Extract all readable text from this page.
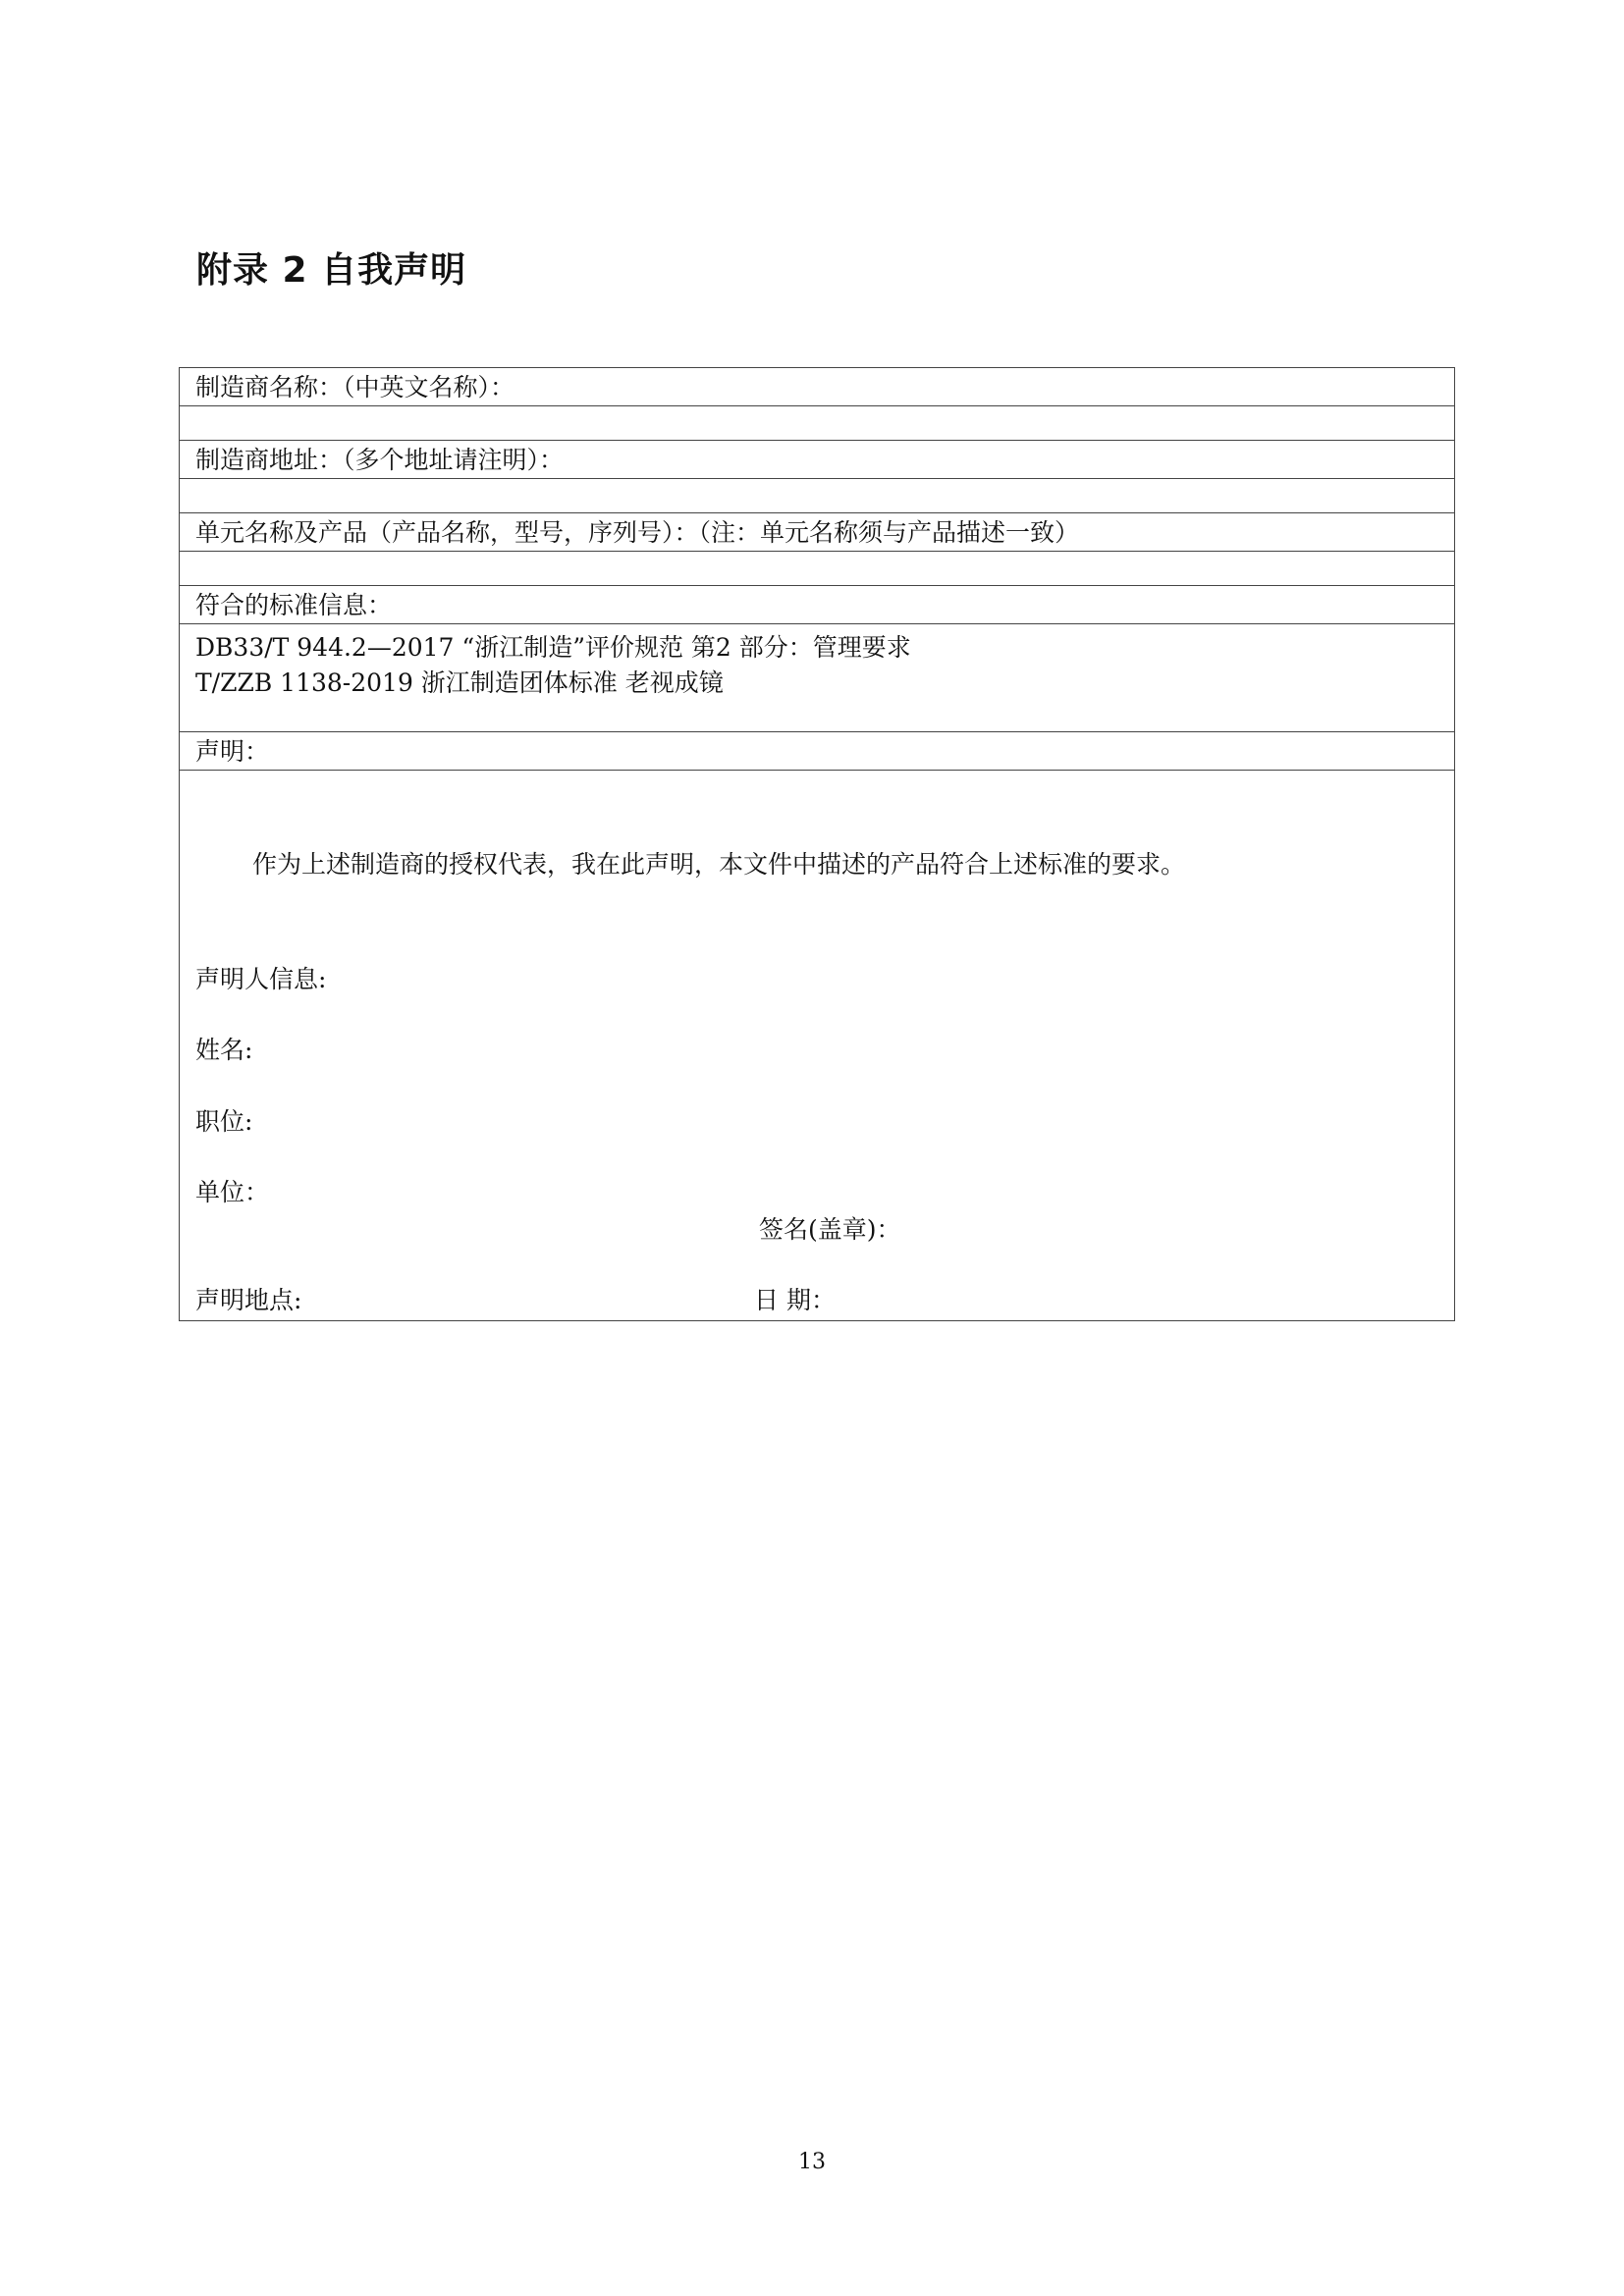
附录 2 自我声明
制造商名称：（中英文名称）：
制造商地址：（多个地址请注明）：
单元名称及产品（产品名称，型号，序列号）：（注：单元名称须与产品描述一致）
符合的标准信息：
DB33/T 944.2—2017 “浙江制造”评价规范 第2 部分：管理要求
T/ZZB 1138-2019 浙江制造团体标准 老视成镜
声明：
作为上述制造商的授权代表，我在此声明，本文件中描述的产品符合上述标准的要求。
声明人信息:
姓名:
职位:
单位：
签名(盖章)：
声明地点:	日 期：
13
